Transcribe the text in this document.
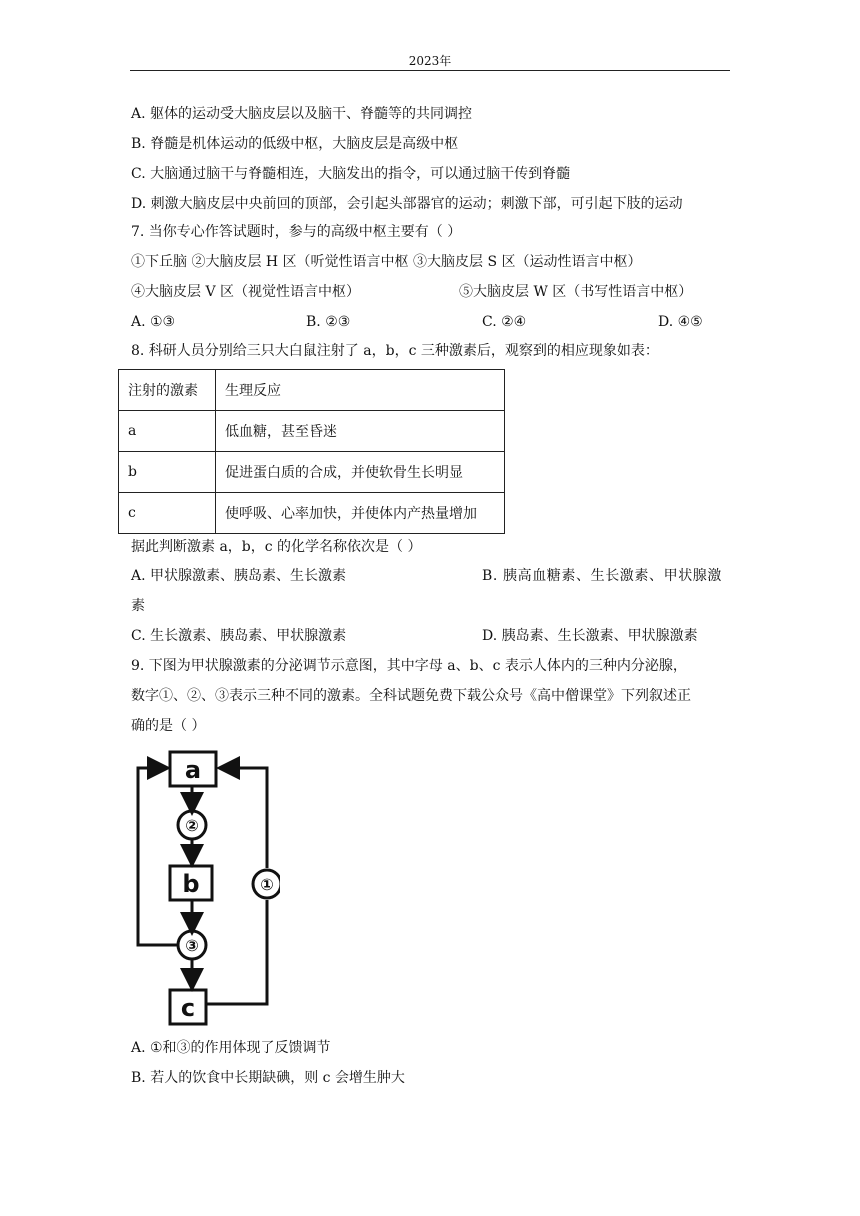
2023年
A. 躯体的运动受大脑皮层以及脑干、脊髓等的共同调控
B. 脊髓是机体运动的低级中枢，大脑皮层是高级中枢
C. 大脑通过脑干与脊髓相连，大脑发出的指令，可以通过脑干传到脊髓
D. 刺激大脑皮层中央前回的顶部，会引起头部器官的运动；刺激下部，可引起下肢的运动
7. 当你专心作答试题时，参与的高级中枢主要有（ ）
①下丘脑 ②大脑皮层 H 区（听觉性语言中枢 ③大脑皮层 S 区（运动性语言中枢）
④大脑皮层 V 区（视觉性语言中枢）	⑤大脑皮层 W 区（书写性语言中枢）
A. ①③	B. ②③	C. ②④	D. ④⑤
8. 科研人员分别给三只大白鼠注射了 a，b，c 三种激素后，观察到的相应现象如表：
注射的激素	生理反应
a	低血糖，甚至昏迷
b	促进蛋白质的合成，并使软骨生长明显
c	使呼吸、心率加快，并使体内产热量增加
据此判断激素 a，b，c 的化学名称依次是（ ）
A. 甲状腺激素、胰岛素、生长激素	B. 胰高血糖素、生长激素、甲状腺激
素
C. 生长激素、胰岛素、甲状腺激素	D. 胰岛素、生长激素、甲状腺激素
9. 下图为甲状腺激素的分泌调节示意图，其中字母 a、b、c 表示人体内的三种内分泌腺，
数字①、②、③表示三种不同的激素。全科试题免费下载公众号《高中僧课堂》下列叙述正
确的是（ ）
a
b
c
②
③
①
A. ①和③的作用体现了反馈调节
B. 若人的饮食中长期缺碘，则 c 会增生肿大
